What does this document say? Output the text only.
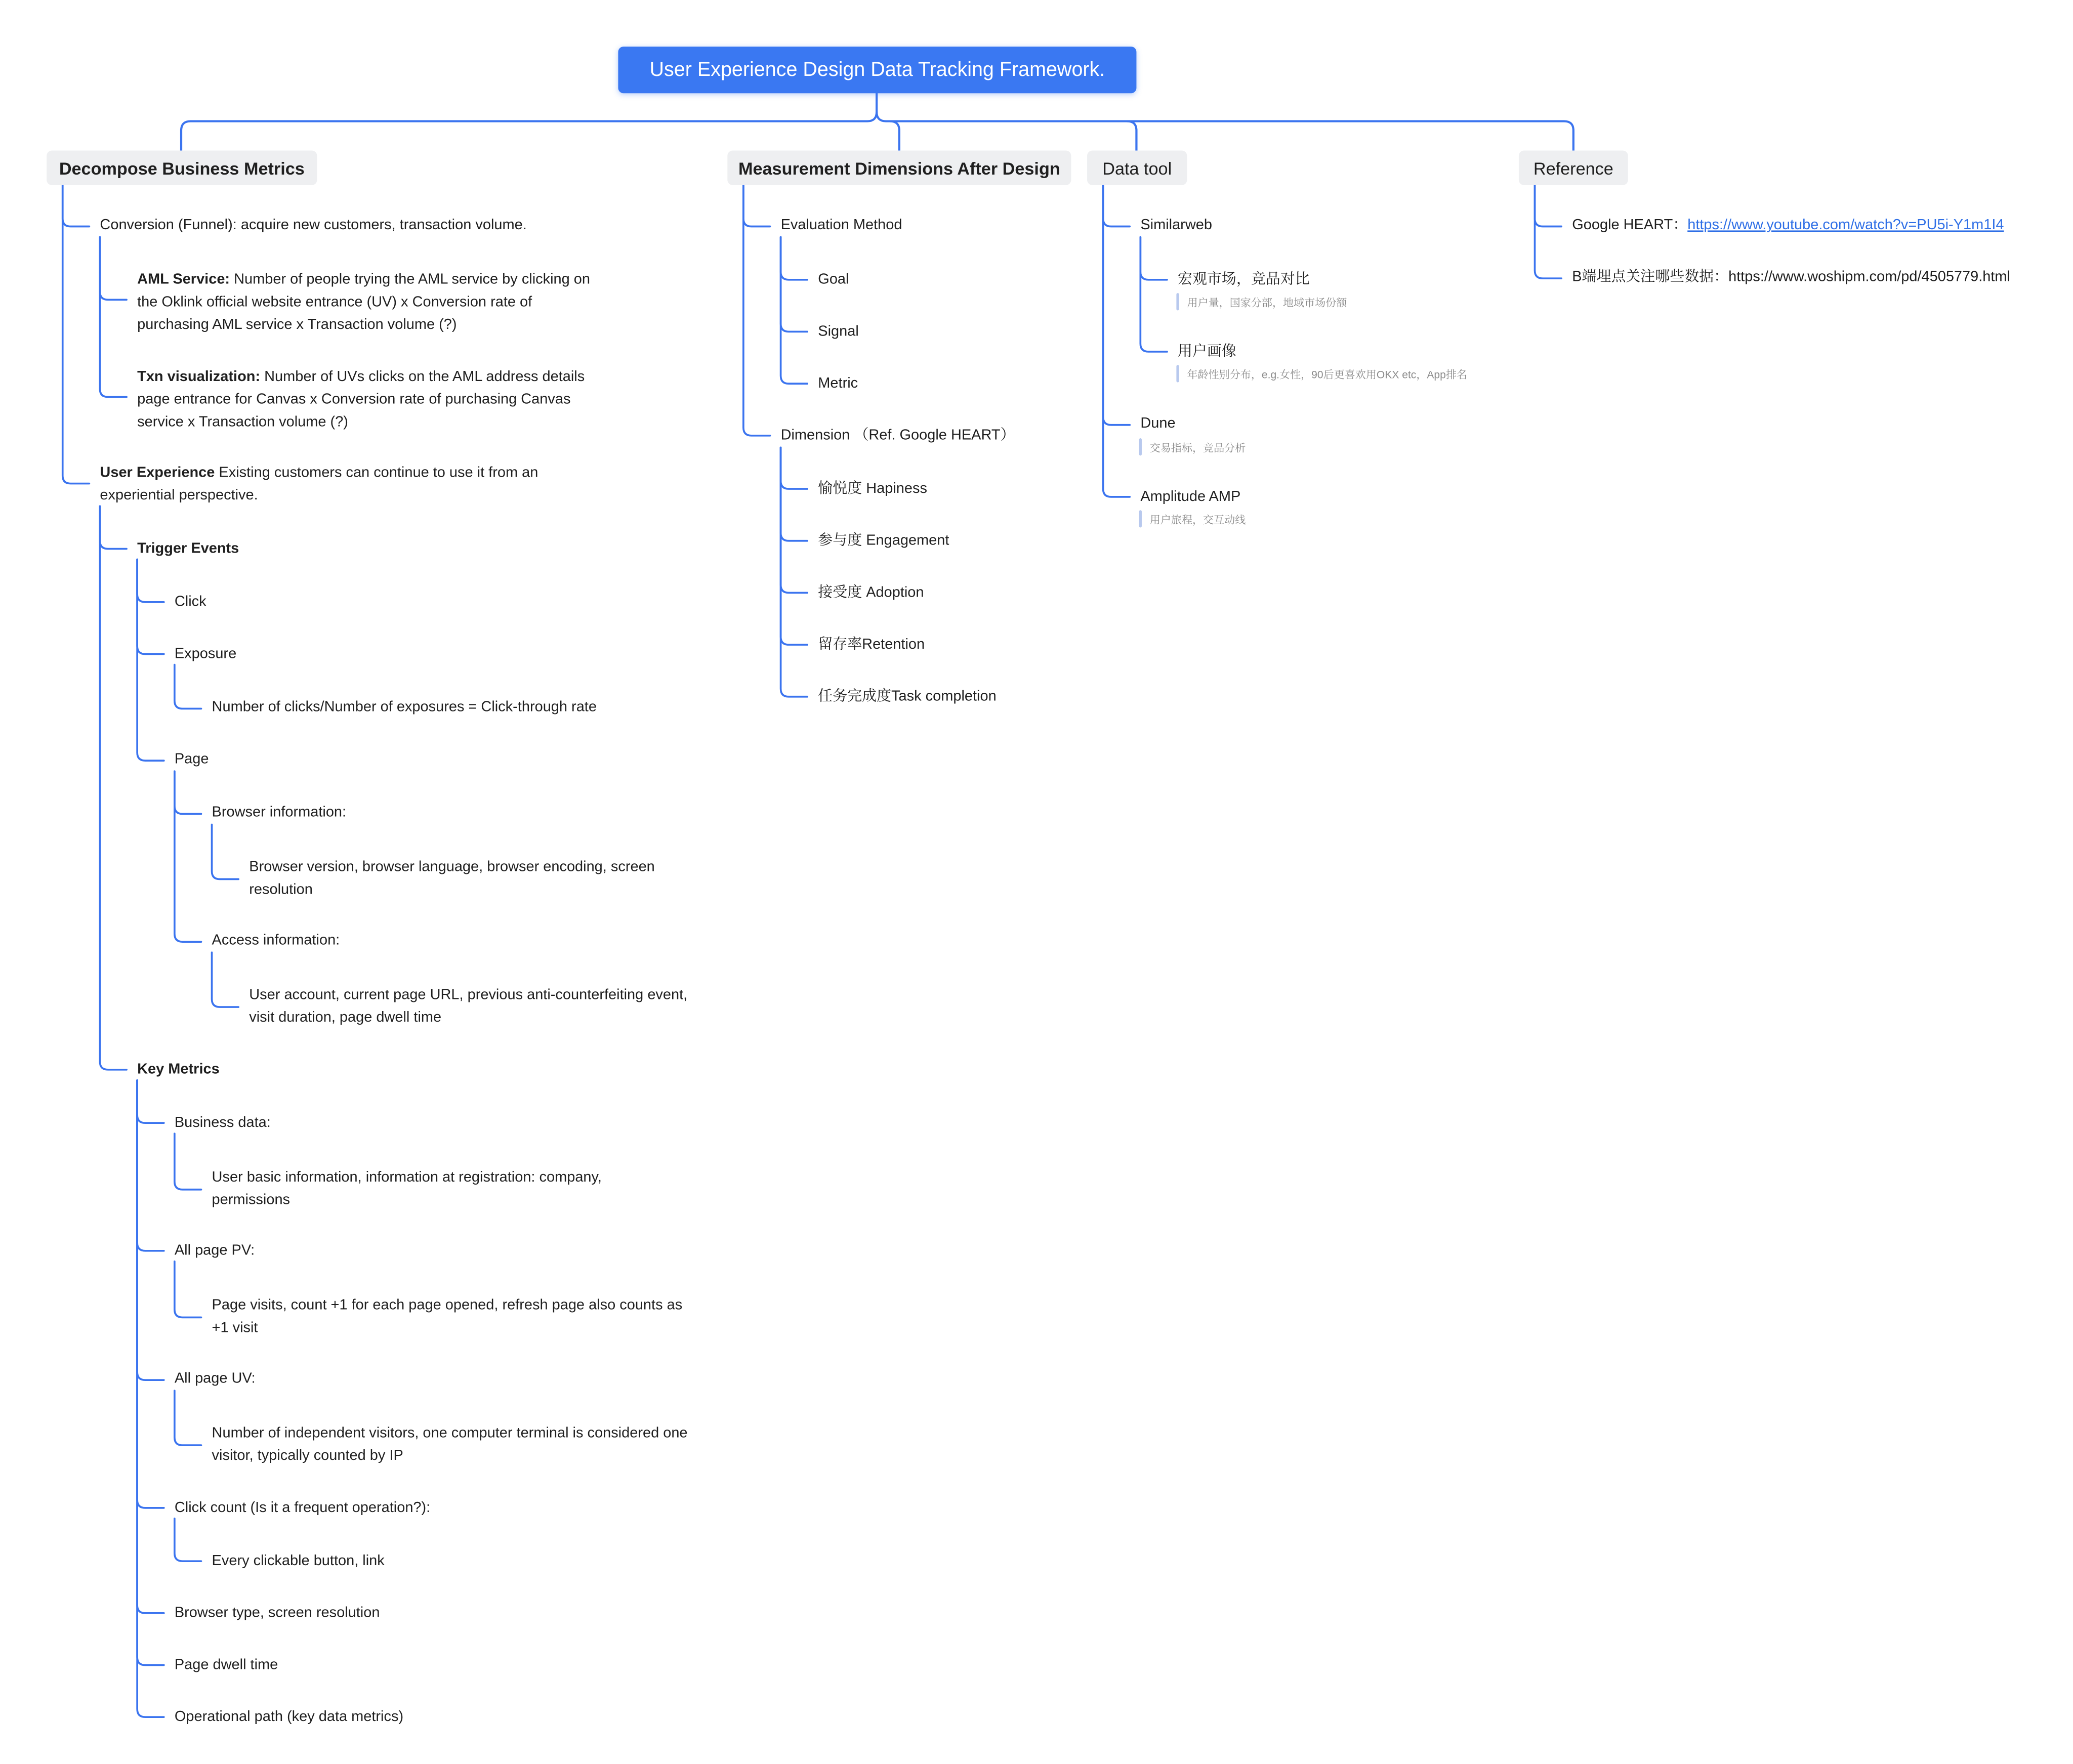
User Experience Design Data Tracking Framework.
Decompose Business Metrics	Measurement Dimensions After Design	Data tool	Reference
Conversion (Funnel): acquire new customers, transaction volume.
AML Service: Number of people trying the AML service by clicking on the Oklink official website entrance (UV) x Conversion rate of purchasing AML service x Transaction volume (?)
Txn visualization: Number of UVs clicks on the AML address details page entrance for Canvas x Conversion rate of purchasing Canvas service x Transaction volume (?)
User Experience Existing customers can continue to use it from an experiential perspective.
Trigger Events
Click
Exposure
Number of clicks/Number of exposures = Click-through rate
Page
Browser information:
Browser version, browser language, browser encoding, screen resolution
Access information:
User account, current page URL, previous anti-counterfeiting event, visit duration, page dwell time
Key Metrics
Business data:
User basic information, information at registration: company, permissions
All page PV:
Page visits, count +1 for each page opened, refresh page also counts as +1 visit
All page UV:
Number of independent visitors, one computer terminal is considered one visitor, typically counted by IP
Click count (Is it a frequent operation?):
Every clickable button, link
Browser type, screen resolution
Page dwell time
Operational path (key data metrics)
Evaluation Method
Goal
Signal
Metric
Dimension （Ref. Google HEART）
愉悦度 Hapiness
参与度 Engagement
接受度 Adoption
留存率Retention
任务完成度Task completion
Similarweb
宏观市场，竞品对比
用户量，国家分部，地域市场份额
用户画像
年龄性别分布，e.g.女性，90后更喜欢用OKX etc，App排名
Dune
交易指标，竞品分析
Amplitude AMP
用户旅程，交互动线
Google HEART：https://www.youtube.com/watch?v=PU5i-Y1m1I4
B端埋点关注哪些数据：https://www.woshipm.com/pd/4505779.html
